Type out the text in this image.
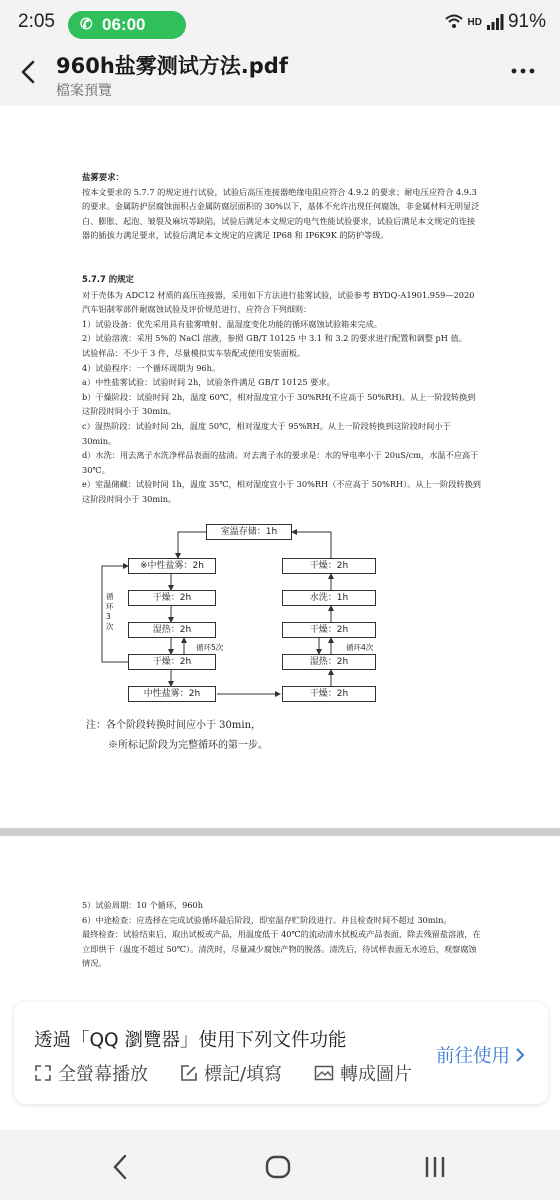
2:05 ✆ 06:00	HD 91%
960h盐雾测试方法.pdf
檔案預覽

盐雾要求：

按本文要求的 5.7.7 的规定进行试验，试验后高压连接器绝缘电阻应符合 4.9.2 的要求；耐电压应符合 4.9.3 的要求。金属防护层腐蚀面积占金属防腐层面积的 30%以下，基体不允许出现任何腐蚀，非金属材料无明显泛白、膨胀、起泡、皱裂及麻坑等缺陷，试验后满足本文规定的电气性能试验要求，试验后满足本文规定的连接器的插拔力满足要求，试验后满足本文规定的应满足 IP68 和 IP6K9K 的防护等级。

5.7.7 的规定

对于壳体为 ADC12 材质的高压连接器，采用如下方法进行盐雾试验，试验参考 BYDQ-A1901.959—2020 汽车铝制零部件耐腐蚀试验及评价规范进行，应符合下列细则：

1）试验设备：优先采用具有盐雾喷射、温湿度变化功能的循环腐蚀试验箱来完成。

2）试验溶液：采用 5%的 NaCl 溶液，参照 GB/T 10125 中 3.1 和 3.2 的要求进行配置和调整 pH 值。

试验样品：不少于 3 件，尽量模拟实车装配或使用安装面板。

4）试验程序：一个循环周期为 96h。

a）中性盐雾试验：试验时间 2h，试验条件满足 GB/T 10125 要求。

b）干燥阶段：试验时间 2h，温度 60℃，相对湿度宜小于 30%RH(不应高于 50%RH)。从上一阶段转换到这阶段时间小于 30min。

c）湿热阶段：试验时间 2h，温度 50℃，相对湿度大于 95%RH。从上一阶段转换到这阶段时间小于 30min。

d）水洗：用去离子水洗净样品表面的盐渍。对去离子水的要求是：水的导电率小于 20uS/cm，水温不应高于 30℃。

e）室温储藏：试验时间 1h，温度 35℃，相对湿度宜小于 30%RH（不应高于 50%RH）。从上一阶段转换到这阶段时间小于 30min。

室温存储：1h
※中性盐雾：2h
干燥：2h
湿热：2h
干燥：2h
中性盐雾：2h
干燥：2h
水洗：1h
干燥：2h
湿热：2h
干燥：2h
循
环
3
次
循环5次	循环4次
注：各个阶段转换时间应小于 30min，
※所标记阶段为完整循环的第一步。

5）试验周期：10 个循环，960h

6）中途检查：应选择在完成试验循环最后阶段，即室温存贮阶段进行。并且检查时间不超过 30min。

最终检查：试验结束后，取出试板或产品，用温度低于 40℃的流动清水拭板或产品表面，除去残留盐溶液，在立即烘干（温度不超过 50℃）。清洗时，尽量减少腐蚀产物的脱落。清洗后，待试样表面无水迹后，观察腐蚀情况。

透過「QQ 瀏覽器」使用下列文件功能
全螢幕播放	標記/填寫	轉成圖片
前往使用
